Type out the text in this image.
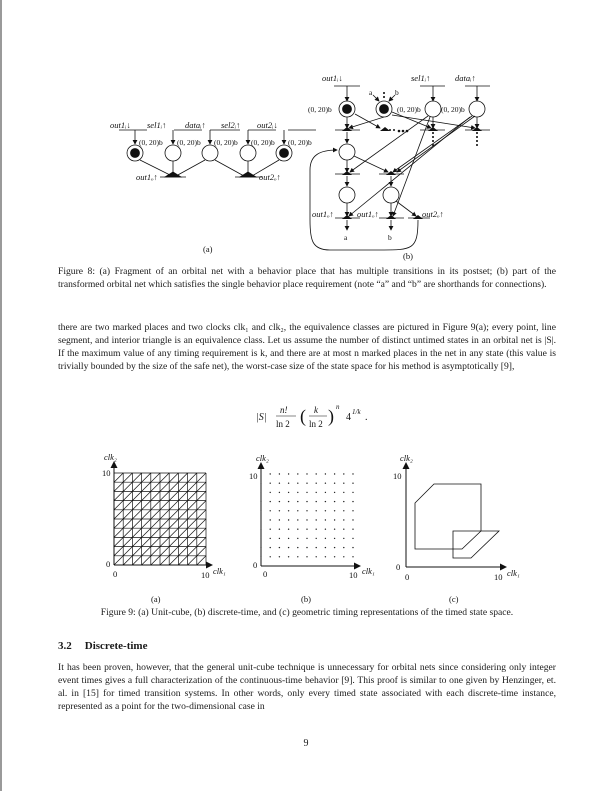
out1ᵢ↓ sel1ᵢ↑ dataᵢ↑ sel2ᵢ↑ out2ᵢ↓
(0, 20)b (0, 20)b (0, 20)b (0, 20)b (0, 20)b
out1ₒ↑	out2ₒ↑
(a)
out1ᵢ↓	sel1ᵢ↑	dataᵢ↑
(0, 20)b	(0, 20)b	(0, 20)b
a	b
out1ₒ↑	out1ₒ↑	out2ₒ↑
a	b
(b)
Figure 8: (a) Fragment of an orbital net with a behavior place that has multiple transitions in its postset; (b) part of the transformed orbital net which satisfies the single behavior place requirement (note “a” and “b” are shorthands for connections).
there are two marked places and two clocks clk₁ and clk₂, the equivalence classes are pictured in Figure 9(a); every point, line segment, and interior triangle is an equivalence class. Let us assume the number of distinct untimed states in an orbital net is |S|. If the maximum value of any timing requirement is k, and there are at most n marked places in the net in any state (this value is trivially bounded by the size of the safe net), the worst-case size of the state space for his method is asymptotically [9],
|S|
n!
ln 2 ( k
ln 2 ) n
4 1/k .
clk₂
10
0
0	10 clk₁
(a)
clk₂
10
0
0	10 clk₁
(b)
clk₂
10
0
0	10 clk₁
(c)
Figure 9: (a) Unit-cube, (b) discrete-time, and (c) geometric timing representations of the timed state space.
3.2 Discrete-time
It has been proven, however, that the general unit-cube technique is unnecessary for orbital nets since considering only integer event times gives a full characterization of the continuous-time behavior [9]. This proof is similar to one given by Henzinger, et. al. in [15] for timed transition systems. In other words, only every timed state associated with each discrete-time instance, represented as a point for the two-dimensional case in
9
